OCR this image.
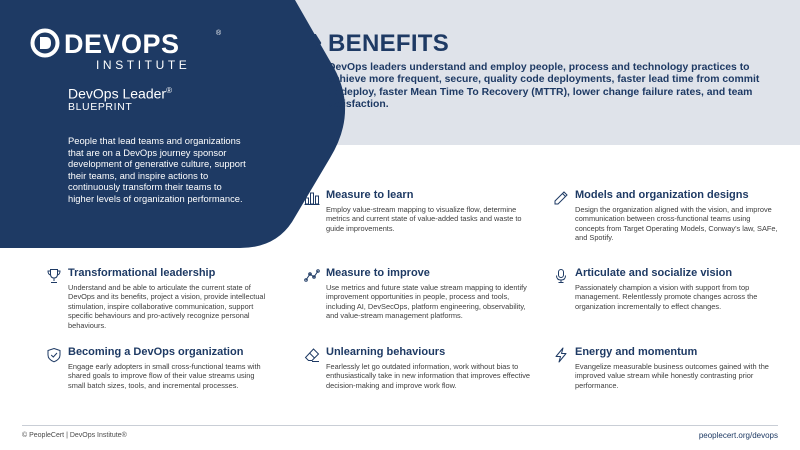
DEVOPS	®
INSTITUTE
DevOps Leader®
BLUEPRINT
People that lead teams and organizations that are on a DevOps journey sponsor development of generative culture, support their teams, and inspire actions to continuously transform their teams to higher levels of organization performance.
BENEFITS
DevOps leaders understand and employ people, process and technology practices to achieve more frequent, secure, quality code deployments, faster lead time from commit to deploy, faster Mean Time To Recovery (MTTR), lower change failure rates, and team satisfaction.
Measure to learn
Employ value-stream mapping to visualize flow, determine metrics and current state of value-added tasks and waste to guide improvements.
Models and organization designs
Design the organization aligned with the vision, and improve communication between cross-functional teams using concepts from Target Operating Models, Conway's law, SAFe, and Spotify.
Transformational leadership
Understand and be able to articulate the current state of DevOps and its benefits, project a vision, provide intellectual stimulation, inspire collaborative communication, support specific behaviours and pro-actively recognize personal behaviours.
Measure to improve
Use metrics and future state value stream mapping to identify improvement opportunities in people, process and tools, including AI, DevSecOps, platform engineering, observability, and value-stream management platforms.
Articulate and socialize vision
Passionately champion a vision with support from top management. Relentlessly promote changes across the organization incrementally to effect changes.
Becoming a DevOps organization
Engage early adopters in small cross-functional teams with shared goals to improve flow of their value streams using small batch sizes, tools, and incremental processes.
Unlearning behaviours
Fearlessly let go outdated information, work without bias to enthusiastically take in new information that improves effective decision-making and improve work flow.
Energy and momentum
Evangelize measurable business outcomes gained with the improved value stream while honestly contrasting prior performance.
© PeopleCert | DevOps Institute®	peoplecert.org/devops
